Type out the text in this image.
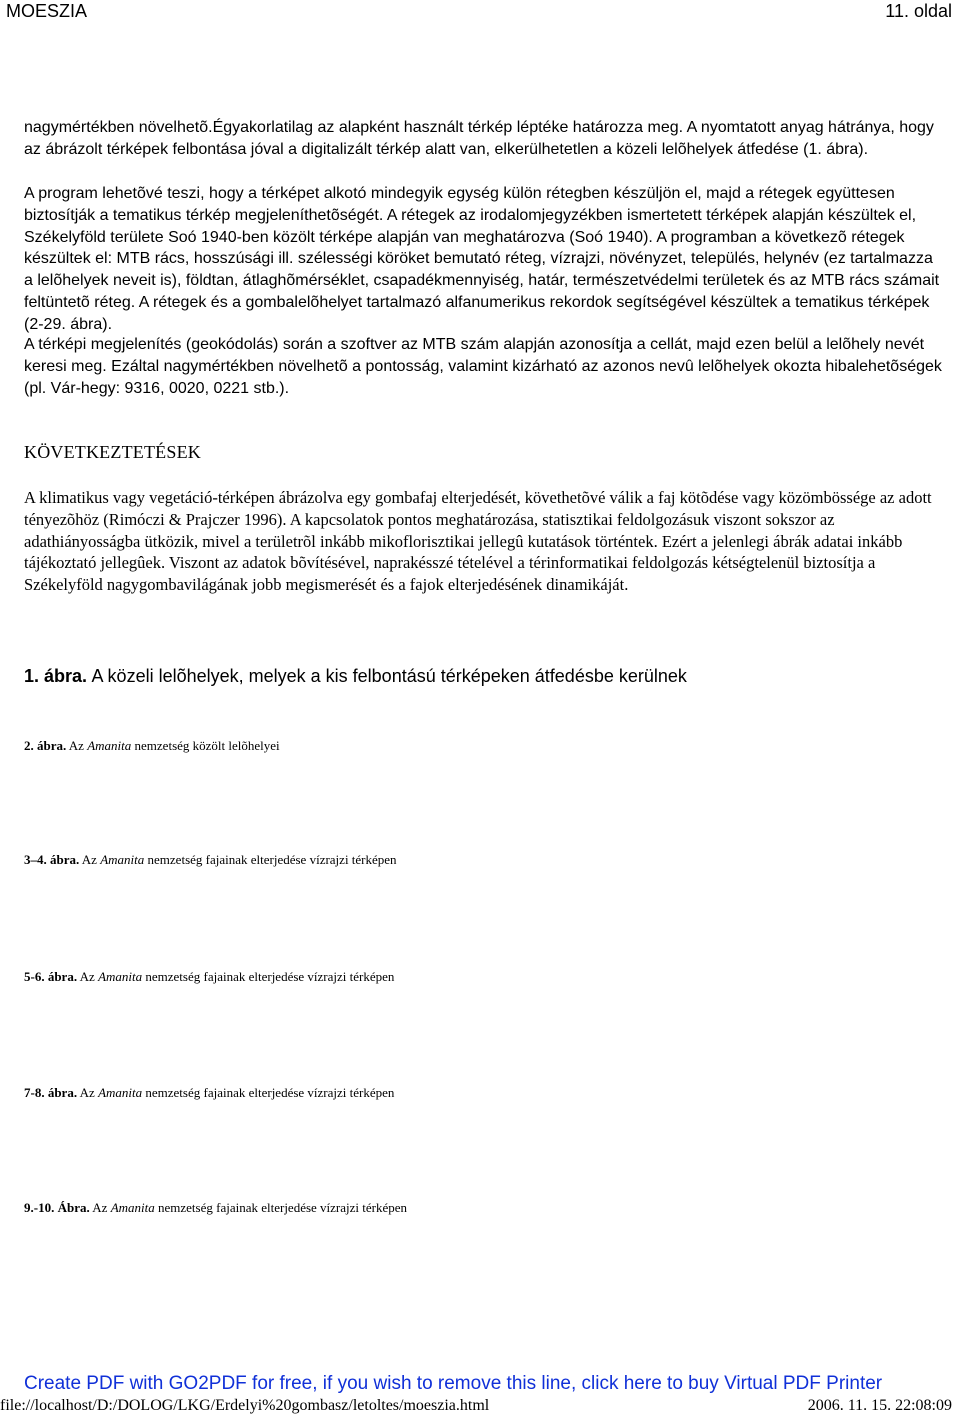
MOESZIA	11. oldal

nagymértékben növelhetõ.Égyakorlatilag az alapként használt térkép léptéke határozza meg. A nyomtatott anyag hátránya, hogy az ábrázolt térképek felbontása jóval a digitalizált térkép alatt van, elkerülhetetlen a közeli lelõhelyek átfedése (1. ábra).

A program lehetõvé teszi, hogy a térképet alkotó mindegyik egység külön rétegben készüljön el, majd a rétegek együttesen biztosítják a tematikus térkép megjeleníthetõségét. A rétegek az irodalomjegyzékben ismertetett térképek alapján készültek el, Székelyföld területe Soó 1940-ben közölt térképe alapján van meghatározva (Soó 1940). A programban a következõ rétegek készültek el: MTB rács, hosszúsági ill. szélességi köröket bemutató réteg, vízrajzi, növényzet, település, helynév (ez tartalmazza a lelõhelyek neveit is), földtan, átlaghõmérséklet, csapadékmennyiség, határ, természetvédelmi területek és az MTB rács számait feltüntetõ réteg. A rétegek és a gombalelõhelyet tartalmazó alfanumerikus rekordok segítségével készültek a tematikus térképek (2-29. ábra).

A térképi megjelenítés (geokódolás) során a szoftver az MTB szám alapján azonosítja a cellát, majd ezen belül a lelõhely nevét keresi meg. Ezáltal nagymértékben növelhetõ a pontosság, valamint kizárható az azonos nevû lelõhelyek okozta hibalehetõségek (pl. Vár-hegy: 9316, 0020, 0221 stb.).

KÖVETKEZTETÉSEK

A klimatikus vagy vegetáció-térképen ábrázolva egy gombafaj elterjedését, követhetõvé válik a faj kötõdése vagy közömbössége az adott tényezõhöz (Rimóczi & Prajczer 1996). A kapcsolatok pontos meghatározása, statisztikai feldolgozásuk viszont sokszor az adathiányosságba ütközik, mivel a területrõl inkább mikoflorisztikai jellegû kutatások történtek. Ezért a jelenlegi ábrák adatai inkább tájékoztató jellegûek. Viszont az adatok bõvítésével, naprakésszé tételével a térinformatikai feldolgozás kétségtelenül biztosítja a Székelyföld nagygombavilágának jobb megismerését és a fajok elterjedésének dinamikáját.

1. ábra. A közeli lelõhelyek, melyek a kis felbontású térképeken átfedésbe kerülnek
2. ábra. Az Amanita nemzetség közölt lelõhelyei
3–4. ábra. Az Amanita nemzetség fajainak elterjedése vízrajzi térképen
5-6. ábra. Az Amanita nemzetség fajainak elterjedése vízrajzi térképen
7-8. ábra. Az Amanita nemzetség fajainak elterjedése vízrajzi térképen
9.-10. Ábra. Az Amanita nemzetség fajainak elterjedése vízrajzi térképen
Create PDF with GO2PDF for free, if you wish to remove this line, click here to buy Virtual PDF Printer
file://localhost/D:/DOLOG/LKG/Erdelyi%20gombasz/letoltes/moeszia.html	2006. 11. 15. 22:08:09
